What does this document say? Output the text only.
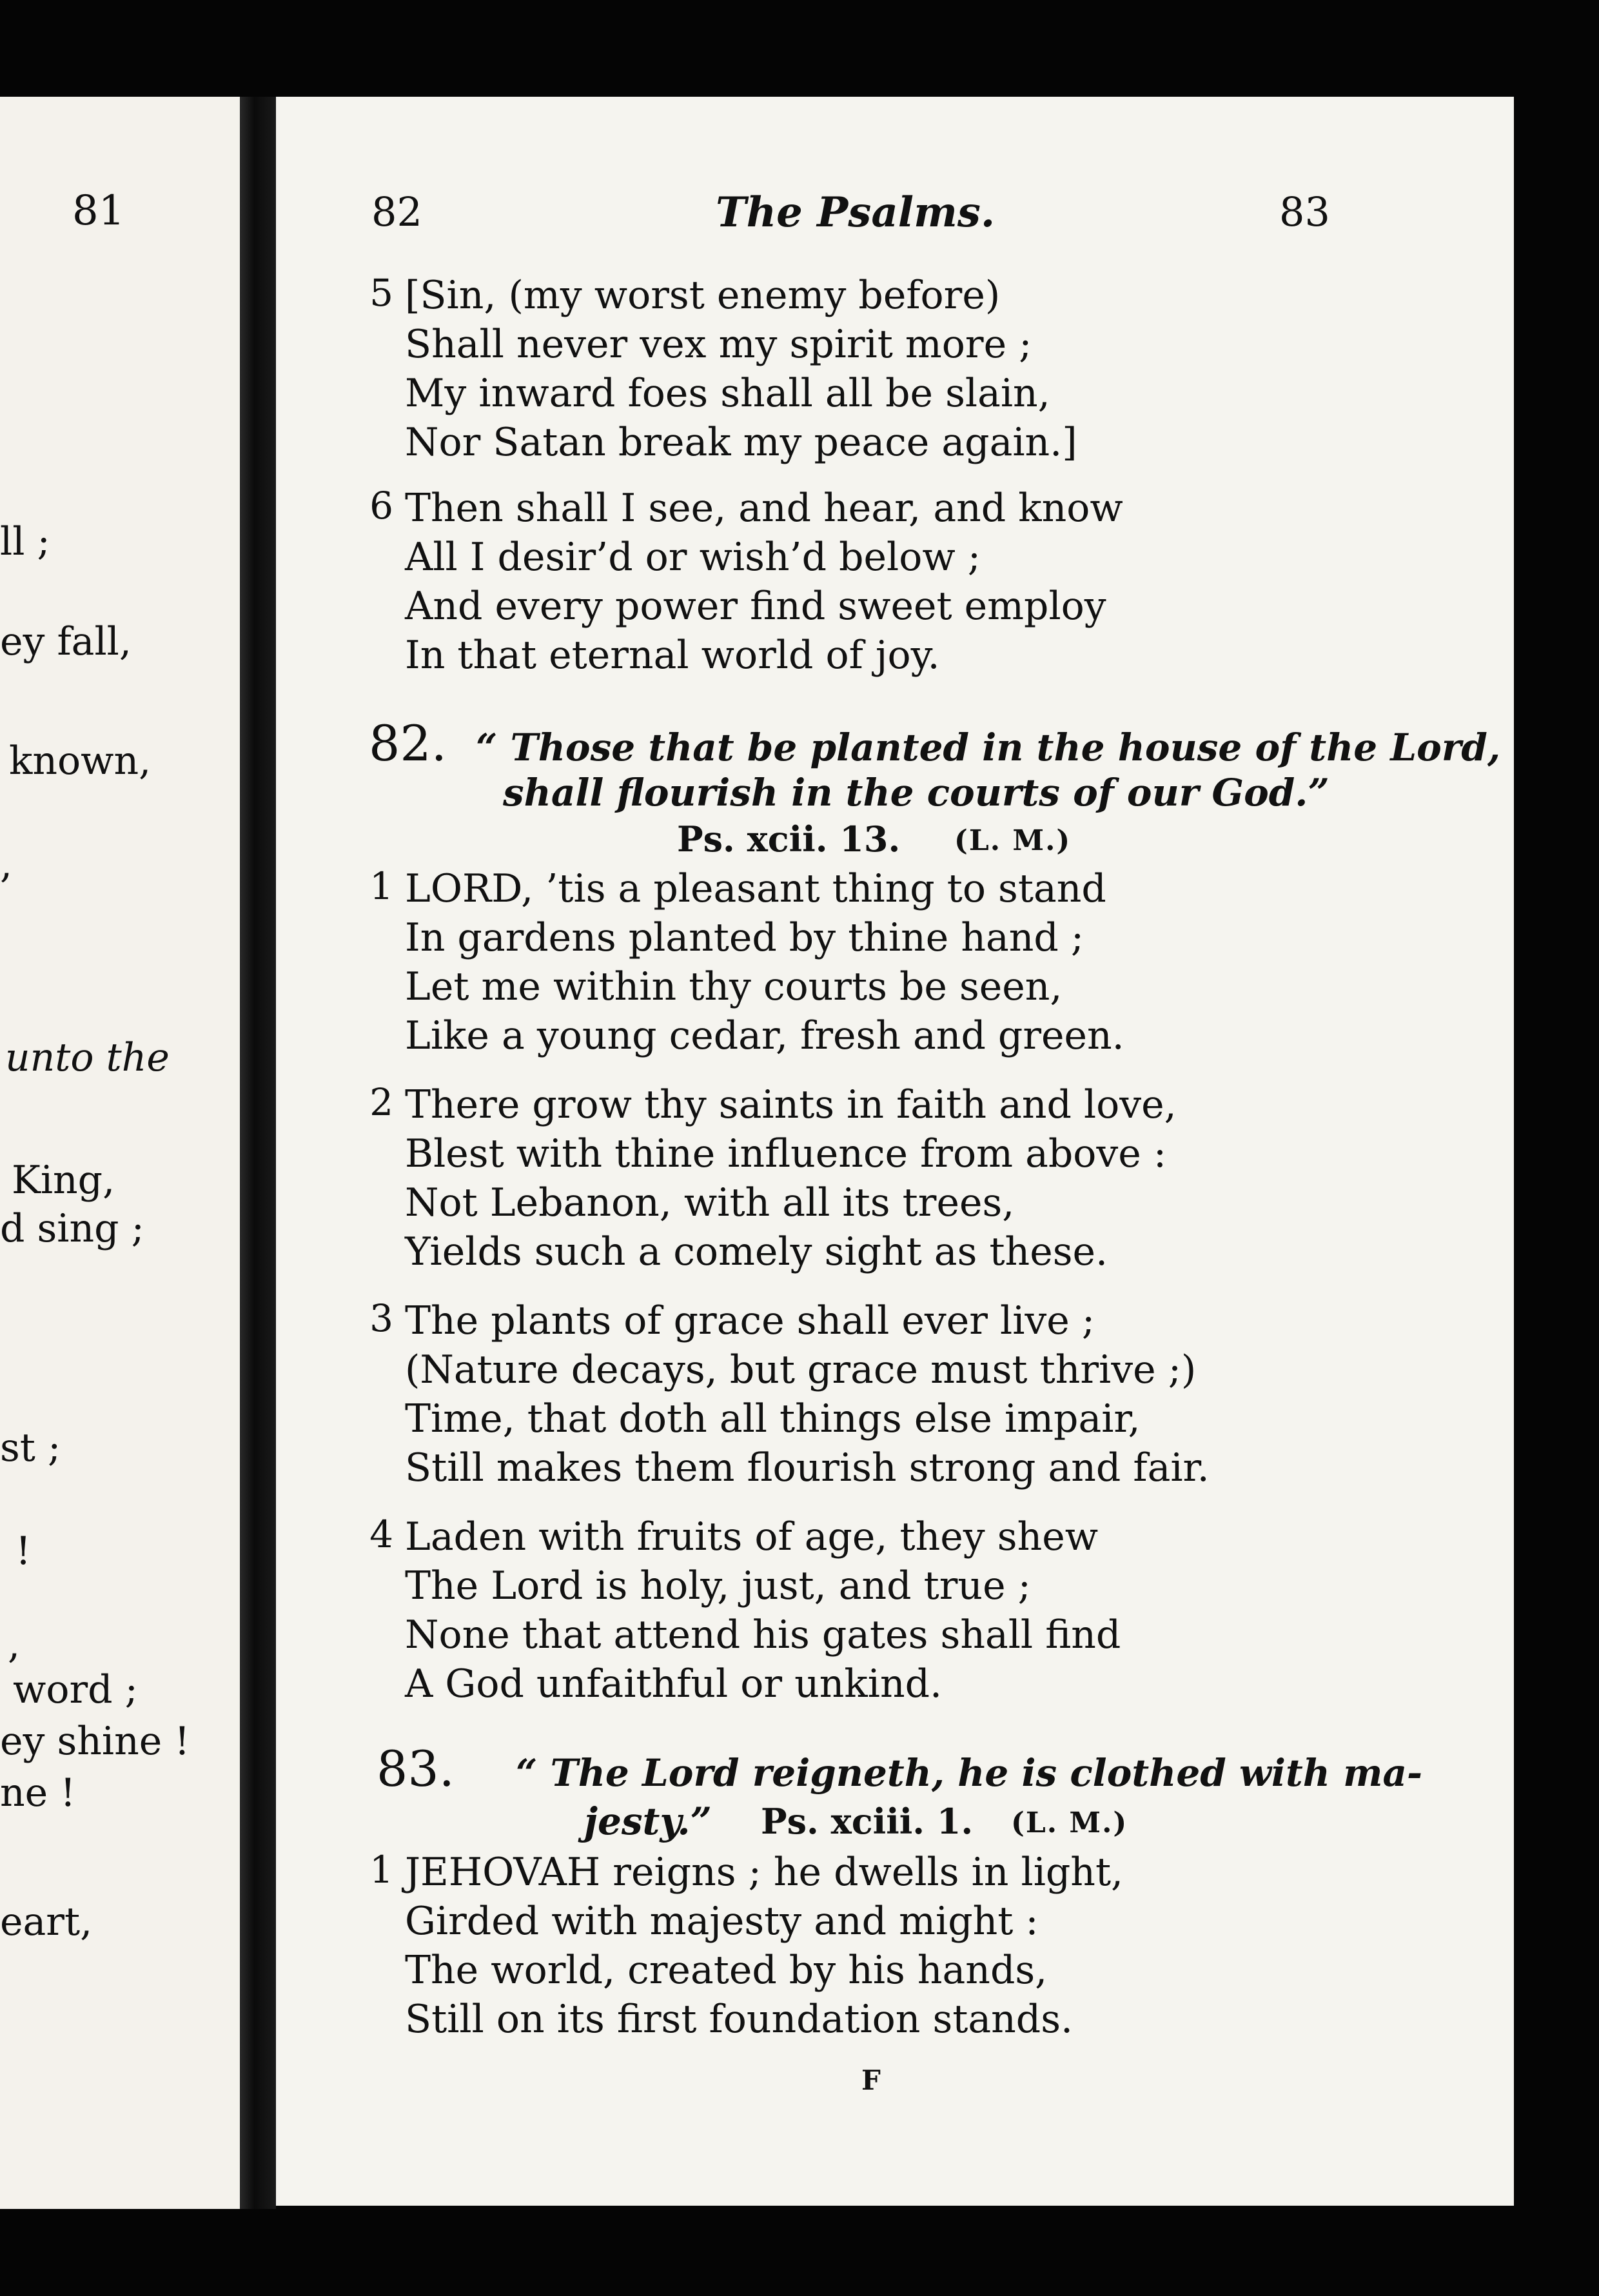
81
ll ;
ey fall,
known,
,
unto the
King,
d sing ;
st ;
!
,
word ;
ey shine !
ne !
eart,
82	The Psalms.	83
5 [Sin, (my worst enemy before)
Shall never vex my spirit more ;
My inward foes shall all be slain,
Nor Satan break my peace again.]
6 Then shall I see, and hear, and know
All I desir’d or wish’d below ;
And every power find sweet employ
In that eternal world of joy.
82. “ Those that be planted in the house of the Lord,
shall flourish in the courts of our God.”
Ps. xcii. 13. (L. M.)
1 LORD, ’tis a pleasant thing to stand
In gardens planted by thine hand ;
Let me within thy courts be seen,
Like a young cedar, fresh and green.
2 There grow thy saints in faith and love,
Blest with thine influence from above :
Not Lebanon, with all its trees,
Yields such a comely sight as these.
3 The plants of grace shall ever live ;
(Nature decays, but grace must thrive ;)
Time, that doth all things else impair,
Still makes them flourish strong and fair.
4 Laden with fruits of age, they shew
The Lord is holy, just, and true ;
None that attend his gates shall find
A God unfaithful or unkind.
83. “ The Lord reigneth, he is clothed with ma-
jesty.” Ps. xciii. 1. (L. M.)
1 JEHOVAH reigns ; he dwells in light,
Girded with majesty and might :
The world, created by his hands,
Still on its first foundation stands.
F
